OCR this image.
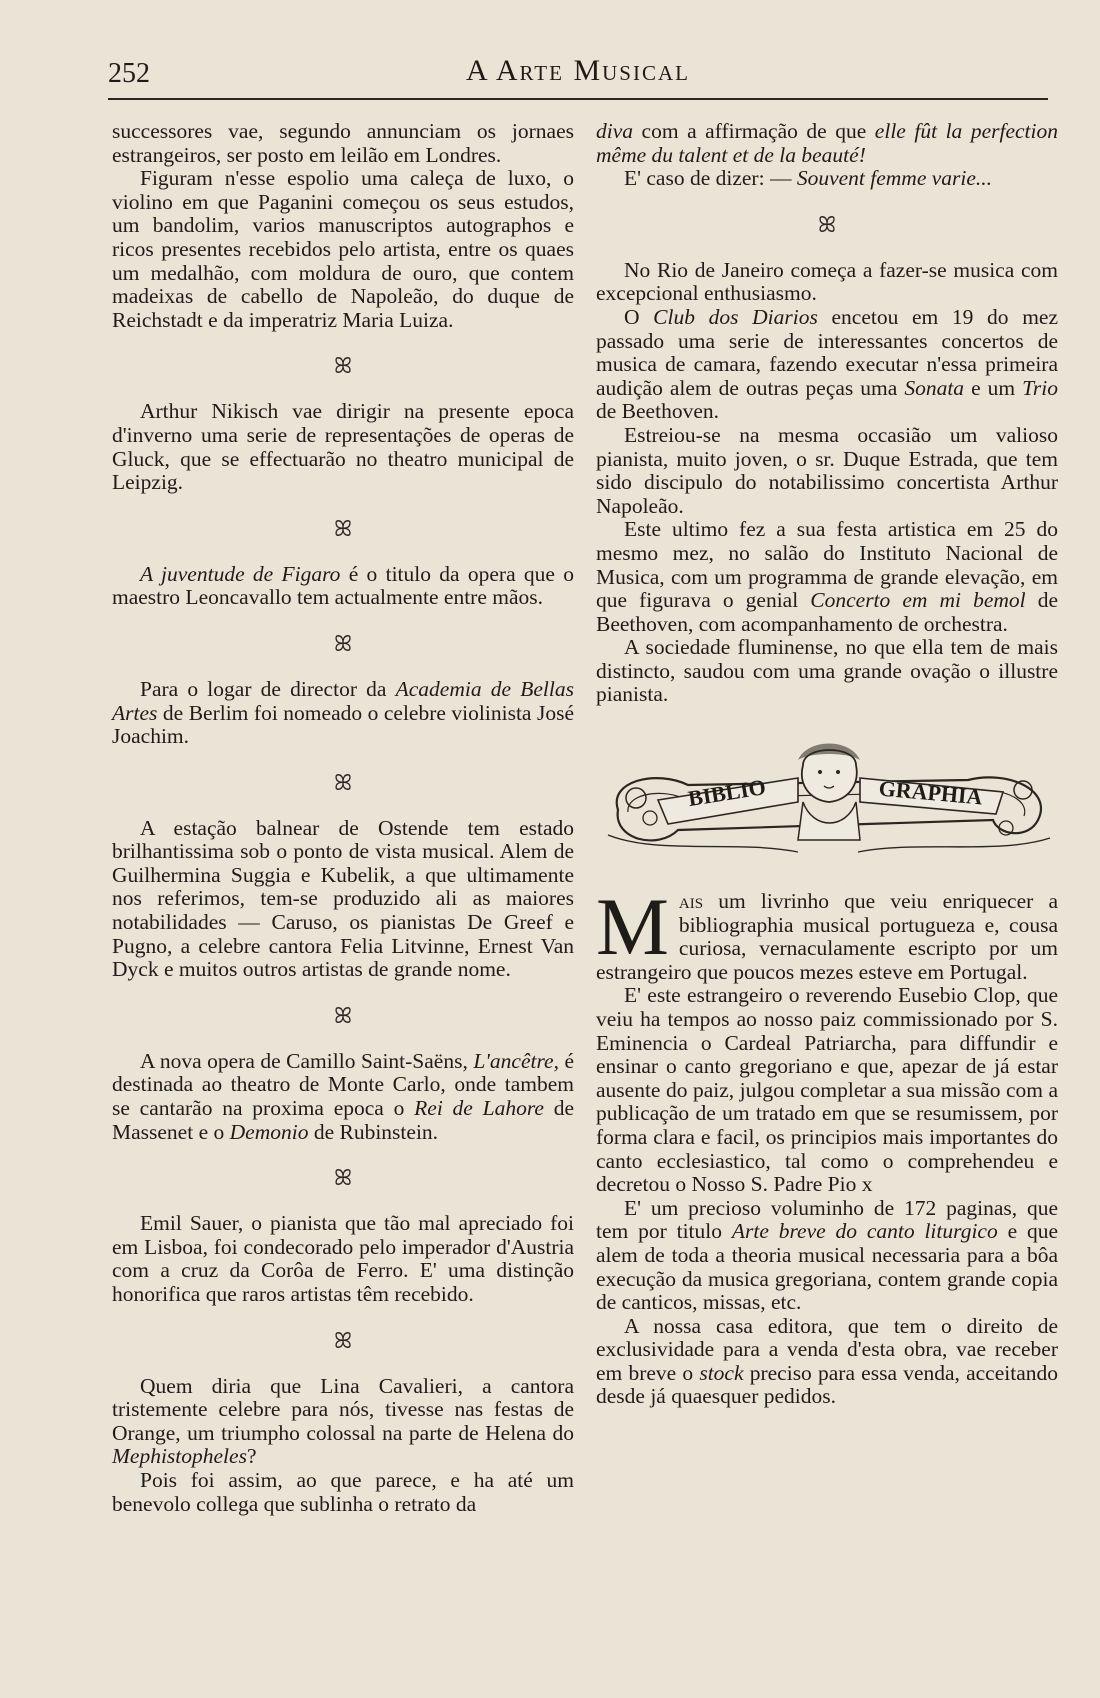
252	A Arte Musical

successores vae, segundo annunciam os jornaes estrangeiros, ser posto em leilão em Londres.

Figuram n'esse espolio uma caleça de luxo, o violino em que Paganini começou os seus estudos, um bandolim, varios manuscriptos autographos e ricos presentes recebidos pelo artista, entre os quaes um medalhão, com moldura de ouro, que contem madeixas de cabello de Napoleão, do duque de Reichstadt e da imperatriz Maria Luiza.

ꕤ

Arthur Nikisch vae dirigir na presente epoca d'inverno uma serie de representações de operas de Gluck, que se effectuarão no theatro municipal de Leipzig.

ꕤ

A juventude de Figaro é o titulo da opera que o maestro Leoncavallo tem actualmente entre mãos.

ꕤ

Para o logar de director da Academia de Bellas Artes de Berlim foi nomeado o celebre violinista José Joachim.

ꕤ

A estação balnear de Ostende tem estado brilhantissima sob o ponto de vista musical. Alem de Guilhermina Suggia e Kubelik, a que ultimamente nos referimos, tem-se produzido ali as maiores notabilidades — Caruso, os pianistas De Greef e Pugno, a celebre cantora Felia Litvinne, Ernest Van Dyck e muitos outros artistas de grande nome.

ꕤ

A nova opera de Camillo Saint-Saëns, L'ancêtre, é destinada ao theatro de Monte Carlo, onde tambem se cantarão na proxima epoca o Rei de Lahore de Massenet e o Demonio de Rubinstein.

ꕤ

Emil Sauer, o pianista que tão mal apreciado foi em Lisboa, foi condecorado pelo imperador d'Austria com a cruz da Corôa de Ferro. E' uma distinção honorifica que raros artistas têm recebido.

ꕤ

Quem diria que Lina Cavalieri, a cantora tristemente celebre para nós, tivesse nas festas de Orange, um triumpho colossal na parte de Helena do Mephistopheles?

Pois foi assim, ao que parece, e ha até um benevolo collega que sublinha o retrato da

diva com a affirmação de que elle fût la perfection même du talent et de la beauté!

E' caso de dizer: — Souvent femme varie...

ꕤ

No Rio de Janeiro começa a fazer-se musica com excepcional enthusiasmo.

O Club dos Diarios encetou em 19 do mez passado uma serie de interessantes concertos de musica de camara, fazendo executar n'essa primeira audição alem de outras peças uma Sonata e um Trio de Beethoven.

Estreiou-se na mesma occasião um valioso pianista, muito joven, o sr. Duque Estrada, que tem sido discipulo do notabilissimo concertista Arthur Napoleão.

Este ultimo fez a sua festa artistica em 25 do mesmo mez, no salão do Instituto Nacional de Musica, com um programma de grande elevação, em que figurava o genial Concerto em mi bemol de Beethoven, com acompanhamento de orchestra.

A sociedade fluminense, no que ella tem de mais distincto, saudou com uma grande ovação o illustre pianista.

BIBLIO	GRAPHIA

Mais um livrinho que veiu enriquecer a bibliographia musical portugueza e, cousa curiosa, vernaculamente escripto por um estrangeiro que poucos mezes esteve em Portugal.

E' este estrangeiro o reverendo Eusebio Clop, que veiu ha tempos ao nosso paiz commissionado por S. Eminencia o Cardeal Patriarcha, para diffundir e ensinar o canto gregoriano e que, apezar de já estar ausente do paiz, julgou completar a sua missão com a publicação de um tratado em que se resumissem, por forma clara e facil, os principios mais importantes do canto ecclesiastico, tal como o comprehendeu e decretou o Nosso S. Padre Pio x

E' um precioso voluminho de 172 paginas, que tem por titulo Arte breve do canto liturgico e que alem de toda a theoria musical necessaria para a bôa execução da musica gregoriana, contem grande copia de canticos, missas, etc.

A nossa casa editora, que tem o direito de exclusividade para a venda d'esta obra, vae receber em breve o stock preciso para essa venda, acceitando desde já quaesquer pedidos.
